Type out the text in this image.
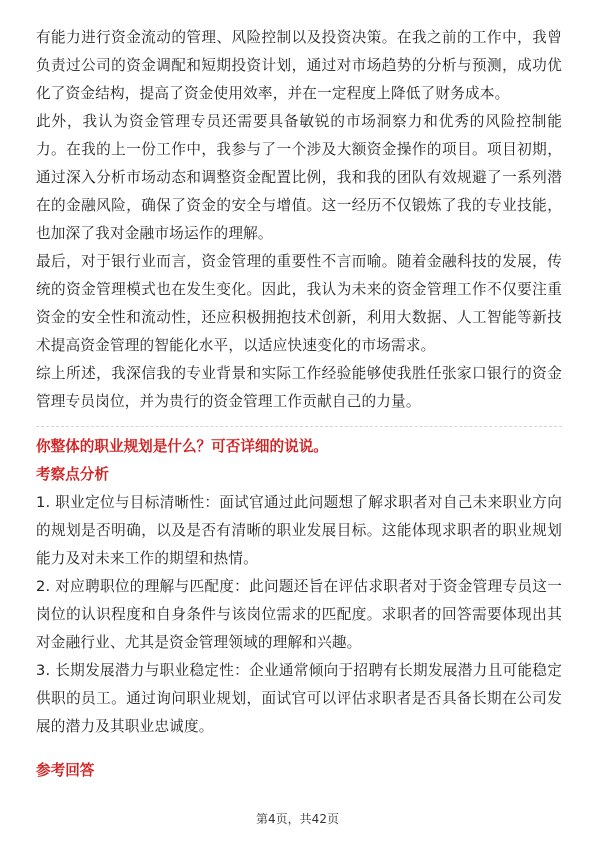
有能力进行资金流动的管理、风险控制以及投资决策。在我之前的工作中，我曾负责过公司的资金调配和短期投资计划，通过对市场趋势的分析与预测，成功优化了资金结构，提高了资金使用效率，并在一定程度上降低了财务成本。

此外，我认为资金管理专员还需要具备敏锐的市场洞察力和优秀的风险控制能力。在我的上一份工作中，我参与了一个涉及大额资金操作的项目。项目初期，通过深入分析市场动态和调整资金配置比例，我和我的团队有效规避了一系列潜在的金融风险，确保了资金的安全与增值。这一经历不仅锻炼了我的专业技能，也加深了我对金融市场运作的理解。

最后，对于银行业而言，资金管理的重要性不言而喻。随着金融科技的发展，传统的资金管理模式也在发生变化。因此，我认为未来的资金管理工作不仅要注重资金的安全性和流动性，还应积极拥抱技术创新，利用大数据、人工智能等新技术提高资金管理的智能化水平，以适应快速变化的市场需求。

综上所述，我深信我的专业背景和实际工作经验能够使我胜任张家口银行的资金管理专员岗位，并为贵行的资金管理工作贡献自己的力量。

你整体的职业规划是什么？可否详细的说说。

考察点分析

1. 职业定位与目标清晰性：面试官通过此问题想了解求职者对自己未来职业方向的规划是否明确，以及是否有清晰的职业发展目标。这能体现求职者的职业规划能力及对未来工作的期望和热情。

2. 对应聘职位的理解与匹配度：此问题还旨在评估求职者对于资金管理专员这一岗位的认识程度和自身条件与该岗位需求的匹配度。求职者的回答需要体现出其对金融行业、尤其是资金管理领域的理解和兴趣。

3. 长期发展潜力与职业稳定性：企业通常倾向于招聘有长期发展潜力且可能稳定供职的员工。通过询问职业规划，面试官可以评估求职者是否具备长期在公司发展的潜力及其职业忠诚度。

参考回答

第4页，共42页
